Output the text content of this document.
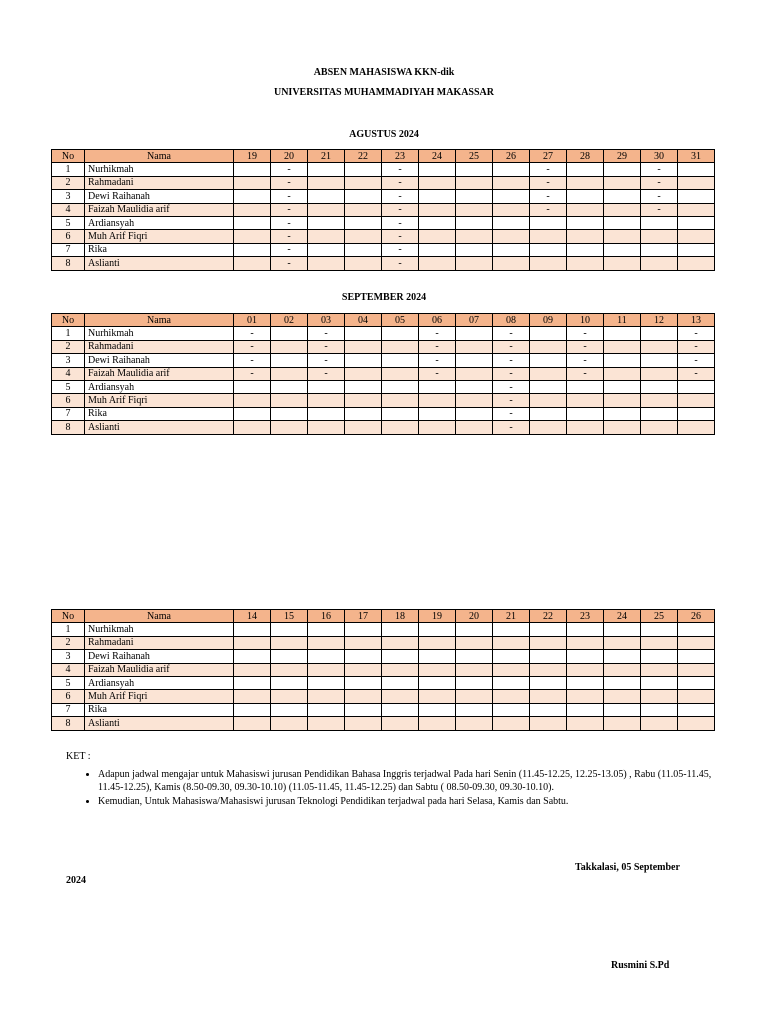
ABSEN MAHASISWA KKN-dik
UNIVERSITAS MUHAMMADIYAH MAKASSAR
AGUSTUS 2024
No	Nama	19	20	21	22	23	24	25	26	27	28	29	30	31
1	Nurhikmah		-			-				-			-	
2	Rahmadani		-			-				-			-	
3	Dewi Raihanah		-			-				-			-	
4	Faizah Maulidia arif		-			-				-			-	
5	Ardiansyah		-			-								
6	Muh Arif Fiqri		-			-								
7	Rika		-			-								
8	Aslianti		-			-								
SEPTEMBER 2024
No	Nama	01	02	03	04	05	06	07	08	09	10	11	12	13
1	Nurhikmah	-		-			-		-		-			-
2	Rahmadani	-		-			-		-		-			-
3	Dewi Raihanah	-		-			-		-		-			-
4	Faizah Maulidia arif	-		-			-		-		-			-
5	Ardiansyah								-					
6	Muh Arif Fiqri								-					
7	Rika								-					
8	Aslianti								-					
No	Nama	14	15	16	17	18	19	20	21	22	23	24	25	26
1	Nurhikmah													
2	Rahmadani													
3	Dewi Raihanah													
4	Faizah Maulidia arif													
5	Ardiansyah													
6	Muh Arif Fiqri													
7	Rika													
8	Aslianti													
KET :
• Adapun jadwal mengajar untuk Mahasiswi jurusan Pendidikan Bahasa Inggris terjadwal Pada hari Senin (11.45-12.25, 12.25-13.05) , Rabu (11.05-11.45, 11.45-12.25), Kamis (8.50-09.30, 09.30-10.10) (11.05-11.45, 11.45-12.25) dan Sabtu ( 08.50-09.30, 09.30-10.10).
• Kemudian, Untuk Mahasiswa/Mahasiswi jurusan Teknologi Pendidikan terjadwal pada hari Selasa, Kamis dan Sabtu.
Takkalasi, 05 September
2024
Rusmini S.Pd
